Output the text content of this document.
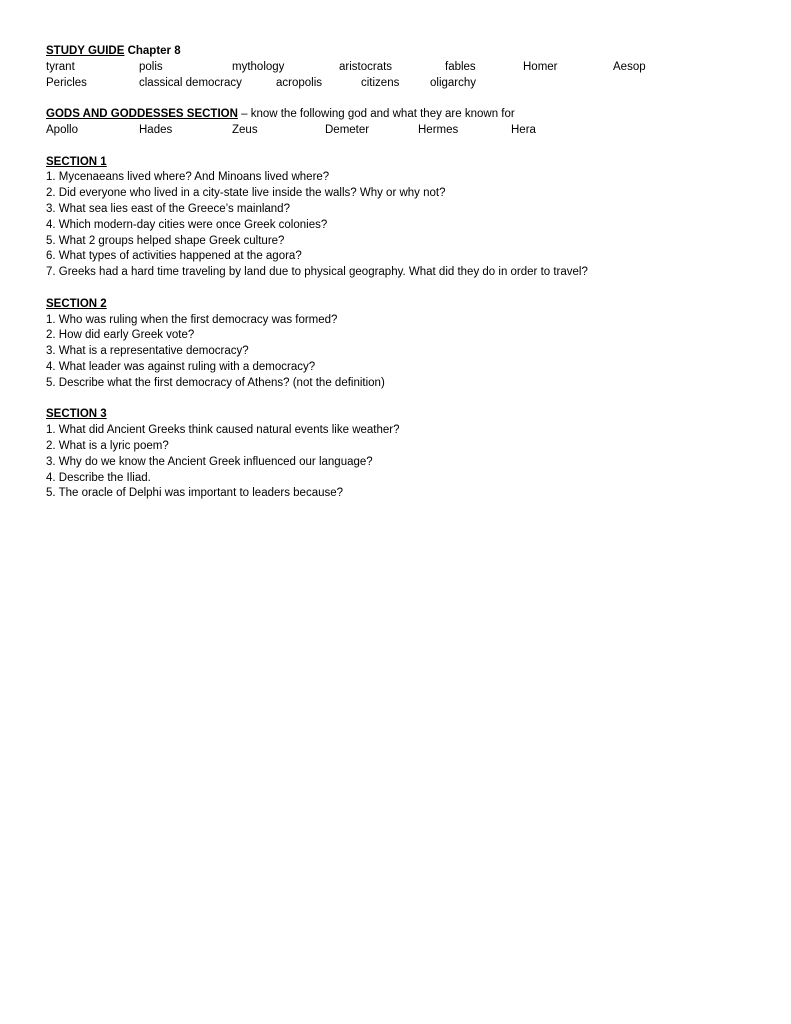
STUDY GUIDE Chapter 8
tyrant	polis	mythology	aristocrats	fables	Homer	Aesop
Pericles	classical democracy	acropolis	citizens	oligarchy
GODS AND GODDESSES SECTION – know the following god and what they are known for
Apollo	Hades	Zeus	Demeter	Hermes	Hera
SECTION 1
1. Mycenaeans lived where? And Minoans lived where?
2. Did everyone who lived in a city-state live inside the walls? Why or why not?
3. What sea lies east of the Greece’s mainland?
4. Which modern-day cities were once Greek colonies?
5. What 2 groups helped shape Greek culture?
6. What types of activities happened at the agora?
7. Greeks had a hard time traveling by land due to physical geography. What did they do in order to travel?
SECTION 2
1. Who was ruling when the first democracy was formed?
2. How did early Greek vote?
3. What is a representative democracy?
4. What leader was against ruling with a democracy?
5. Describe what the first democracy of Athens? (not the definition)
SECTION 3
1. What did Ancient Greeks think caused natural events like weather?
2. What is a lyric poem?
3. Why do we know the Ancient Greek influenced our language?
4. Describe the Iliad.
5. The oracle of Delphi was important to leaders because?
